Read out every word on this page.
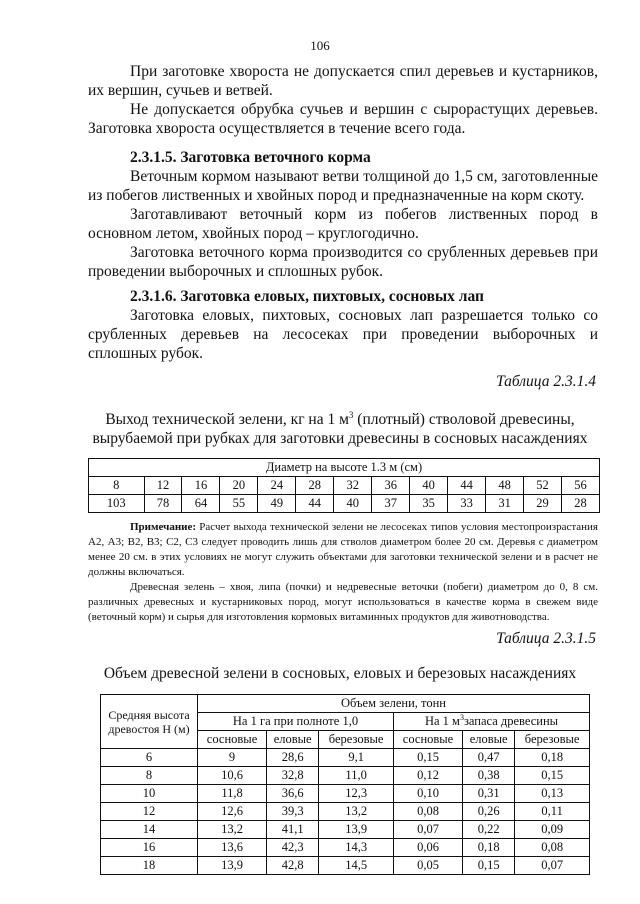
106

При заготовке хвороста не допускается спил деревьев и кустарников, их вершин, сучьев и ветвей.

Не допускается обрубка сучьев и вершин с сырорастущих деревьев. Заготовка хвороста осуществляется в течение всего года.

2.3.1.5. Заготовка веточного корма

Веточным кормом называют ветви толщиной до 1,5 см, заготовленные из побегов лиственных и хвойных пород и предназначенные на корм скоту.

Заготавливают веточный корм из побегов лиственных пород в основном летом, хвойных пород – круглогодично.

Заготовка веточного корма производится со срубленных деревьев при проведении выборочных и сплошных рубок.

2.3.1.6. Заготовка еловых, пихтовых, сосновых лап

Заготовка еловых, пихтовых, сосновых лап разрешается только со срубленных деревьев на лесосеках при проведении выборочных и сплошных рубок.

Таблица 2.3.1.4
Выход технической зелени, кг на 1 $м^3$ (плотный) стволовой древесины,
вырубаемой при рубках для заготовки древесины в сосновых насаждениях
Диаметр на высоте 1.3 м (см)												
8	12	16	20	24	28	32	36	40	44	48	52	56
103	78	64	55	49	44	40	37	35	33	31	29	28

Примечание: Расчет выхода технической зелени не лесосеках типов условия местопроизрастания А2, А3; В2, В3; С2, С3 следует проводить лишь для стволов диаметром более 20 см. Деревья с диаметром менее 20 см. в этих условиях не могут служить объектами для заготовки технической зелени и в расчет не должны включаться.

Древесная зелень – хвоя, липа (почки) и недревесные веточки (побеги) диаметром до 0, 8 см. различных древесных и кустарниковых пород, могут использоваться в качестве корма в свежем виде (веточный корм) и сырья для изготовления кормовых витаминных продуктов для животноводства.

Таблица 2.3.1.5
Объем древесной зелени в сосновых, еловых и березовых насаждениях
Средняя высота древостоя Н (м)	Объем зелени, тонн					
	На 1 га при полноте 1,0			На 1 $м^3запаса$ древесины		
	сосновые	еловые	березовые	сосновые	еловые	березовые
6	9	28,6	9,1	0,15	0,47	0,18
8	10,6	32,8	11,0	0,12	0,38	0,15
10	11,8	36,6	12,3	0,10	0,31	0,13
12	12,6	39,3	13,2	0,08	0,26	0,11
14	13,2	41,1	13,9	0,07	0,22	0,09
16	13,6	42,3	14,3	0,06	0,18	0,08
18	13,9	42,8	14,5	0,05	0,15	0,07
